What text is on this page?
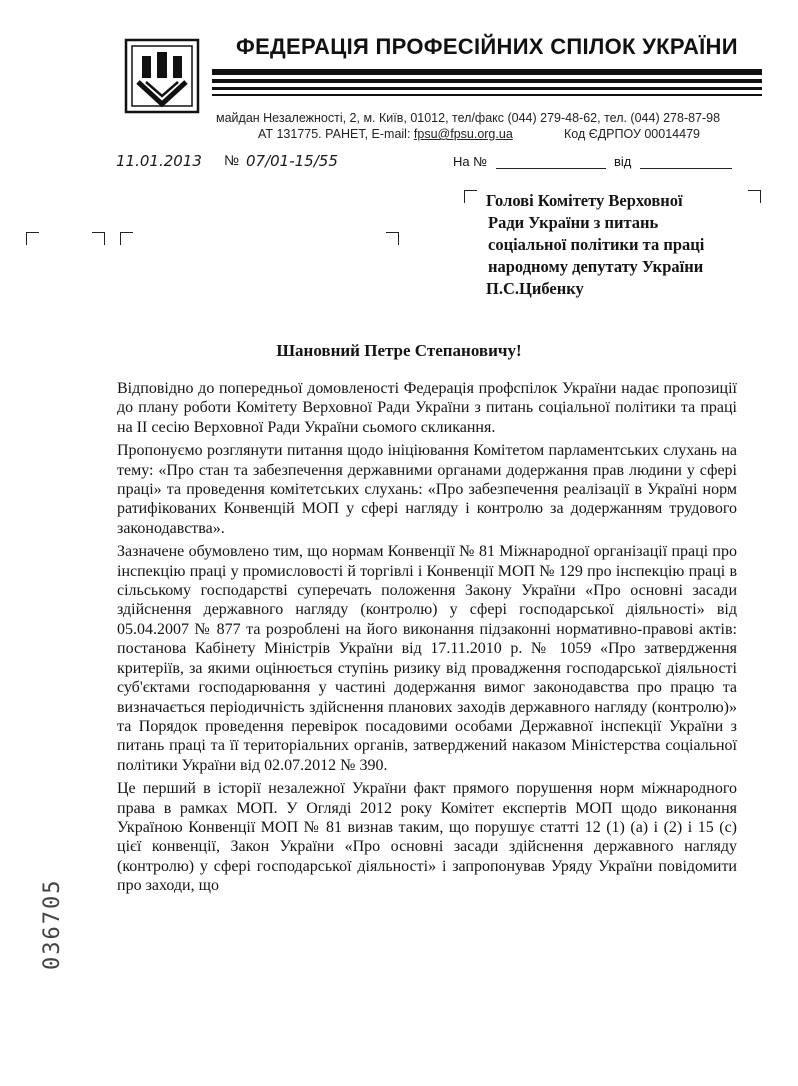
ФЕДЕРАЦІЯ ПРОФЕСІЙНИХ СПІЛОК УКРАЇНИ
майдан Незалежності, 2, м. Київ, 01012, тел/факс (044) 279-48-62, тел. (044) 278-87-98
АТ 131775. РАНЕТ, E-mail: fpsu@fpsu.org.ua	Код ЄДРПОУ 00014479
11.01.2013 № 07/01-15/55	На №	від
Голові Комітету Верховної
Ради України з питань
соціальної політики та праці
народному депутату України
П.С.Цибенку
Шановний Петре Степановичу!

Відповідно до попередньої домовленості Федерація профспілок України надає пропозиції до плану роботи Комітету Верховної Ради України з питань соціальної політики та праці на ІІ сесію Верховної Ради України сьомого скликання.

Пропонуємо розглянути питання щодо ініціювання Комітетом парламентських слухань на тему: «Про стан та забезпечення державними органами додержання прав людини у сфері праці» та проведення комітетських слухань: «Про забезпечення реалізації в Україні норм ратифікованих Конвенцій МОП у сфері нагляду і контролю за додержанням трудового законодавства».

Зазначене обумовлено тим, що нормам Конвенції № 81 Міжнародної організації праці про інспекцію праці у промисловості й торгівлі і Конвенції МОП № 129 про інспекцію праці в сільському господарстві суперечать положення Закону України «Про основні засади здійснення державного нагляду (контролю) у сфері господарської діяльності» від 05.04.2007 № 877 та розроблені на його виконання підзаконні нормативно-правові актів: постанова Кабінету Міністрів України від 17.11.2010 р. № 1059 «Про затвердження критеріїв, за якими оцінюється ступінь ризику від провадження господарської діяльності суб'єктами господарювання у частині додержання вимог законодавства про працю та визначається періодичність здійснення планових заходів державного нагляду (контролю)» та Порядок проведення перевірок посадовими особами Державної інспекції України з питань праці та її територіальних органів, затверджений наказом Міністерства соціальної політики України від 02.07.2012 № 390.

Це перший в історії незалежної України факт прямого порушення норм міжнародного права в рамках МОП. У Огляді 2012 року Комітет експертів МОП щодо виконання Україною Конвенції МОП № 81 визнав таким, що порушує статті 12 (1) (a) і (2) і 15 (c) цієї конвенції, Закон України «Про основні засади здійснення державного нагляду (контролю) у сфері господарської діяльності» і запропонував Уряду України повідомити про заходи, що

036705
